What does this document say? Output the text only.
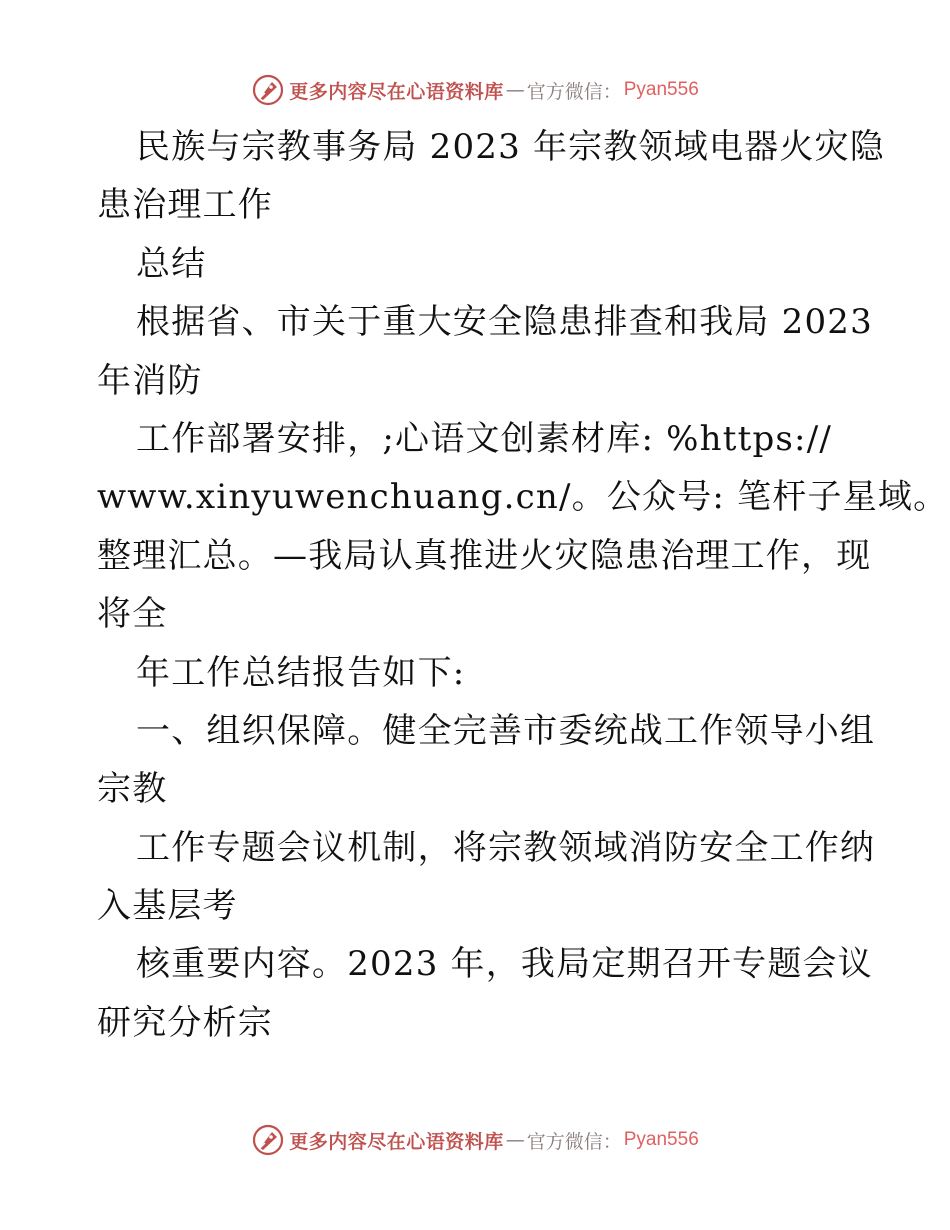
更多内容尽在心语资料库 — 官方微信： Pyan556
民族与宗教事务局 2023 年宗教领域电器火灾隐
患治理工作
总结
根据省、市关于重大安全隐患排查和我局 2023
年消防
工作部署安排，;心语文创素材库: %https://
www.xinyuwenchuang.cn/。公众号: 笔杆子星域。
整理汇总。—我局认真推进火灾隐患治理工作，现
将全
年工作总结报告如下:
一、组织保障。健全完善市委统战工作领导小组
宗教
工作专题会议机制，将宗教领域消防安全工作纳
入基层考
核重要内容。2023 年，我局定期召开专题会议
研究分析宗
更多内容尽在心语资料库 — 官方微信： Pyan556
